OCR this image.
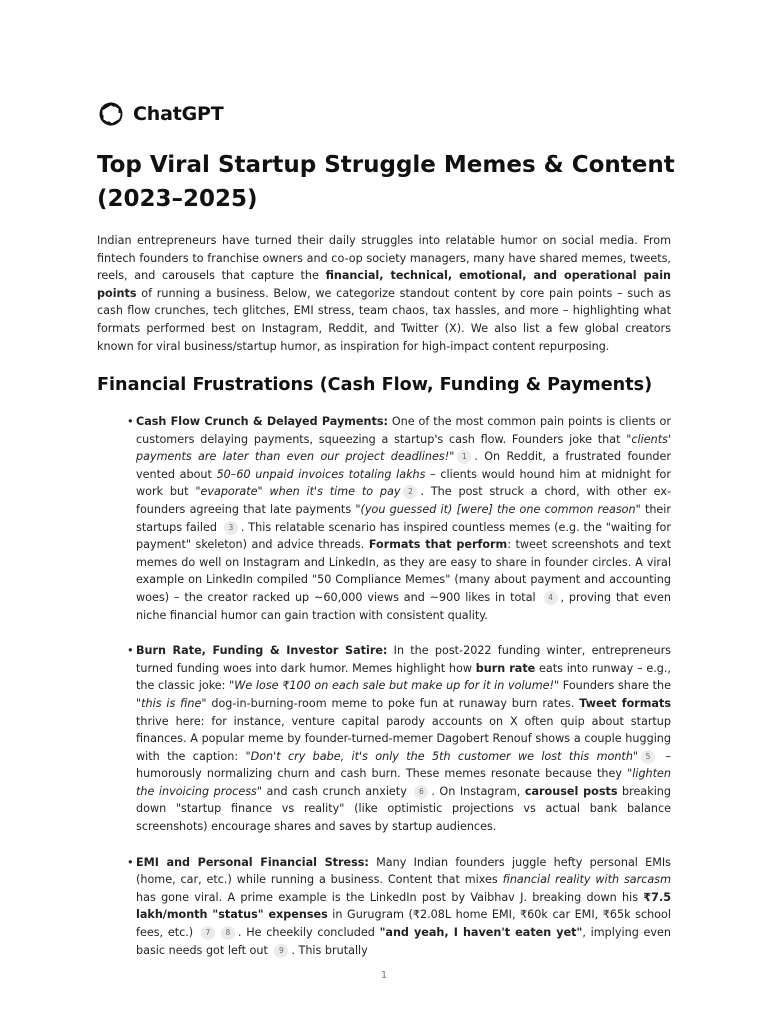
ChatGPT
Top Viral Startup Struggle Memes & Content (2023–2025)

Indian entrepreneurs have turned their daily struggles into relatable humor on social media. From fintech founders to franchise owners and co-op society managers, many have shared memes, tweets, reels, and carousels that capture the financial, technical, emotional, and operational pain points of running a business. Below, we categorize standout content by core pain points – such as cash flow crunches, tech glitches, EMI stress, team chaos, tax hassles, and more – highlighting what formats performed best on Instagram, Reddit, and Twitter (X). We also list a few global creators known for viral business/startup humor, as inspiration for high-impact content repurposing.

Financial Frustrations (Cash Flow, Funding & Payments)
• Cash Flow Crunch & Delayed Payments: One of the most common pain points is clients or customers delaying payments, squeezing a startup's cash flow. Founders joke that "clients' payments are later than even our project deadlines!" 1 . On Reddit, a frustrated founder vented about 50–60 unpaid invoices totaling lakhs – clients would hound him at midnight for work but "evaporate" when it's time to pay 2 . The post struck a chord, with other ex-founders agreeing that late payments "(you guessed it) [were] the one common reason" their startups failed 3 . This relatable scenario has inspired countless memes (e.g. the "waiting for payment" skeleton) and advice threads. Formats that perform: tweet screenshots and text memes do well on Instagram and LinkedIn, as they are easy to share in founder circles. A viral example on LinkedIn compiled "50 Compliance Memes" (many about payment and accounting woes) – the creator racked up ~60,000 views and ~900 likes in total 4 , proving that even niche financial humor can gain traction with consistent quality.
• Burn Rate, Funding & Investor Satire: In the post-2022 funding winter, entrepreneurs turned funding woes into dark humor. Memes highlight how burn rate eats into runway – e.g., the classic joke: "We lose ₹100 on each sale but make up for it in volume!" Founders share the "this is fine" dog-in-burning-room meme to poke fun at runaway burn rates. Tweet formats thrive here: for instance, venture capital parody accounts on X often quip about startup finances. A popular meme by founder-turned-memer Dagobert Renouf shows a couple hugging with the caption: "Don't cry babe, it's only the 5th customer we lost this month" 5 – humorously normalizing churn and cash burn. These memes resonate because they "lighten the invoicing process" and cash crunch anxiety 6 . On Instagram, carousel posts breaking down "startup finance vs reality" (like optimistic projections vs actual bank balance screenshots) encourage shares and saves by startup audiences.
• EMI and Personal Financial Stress: Many Indian founders juggle hefty personal EMIs (home, car, etc.) while running a business. Content that mixes financial reality with sarcasm has gone viral. A prime example is the LinkedIn post by Vaibhav J. breaking down his ₹7.5 lakh/month "status" expenses in Gurugram (₹2.08L home EMI, ₹60k car EMI, ₹65k school fees, etc.) 7 8 . He cheekily concluded "and yeah, I haven't eaten yet", implying even basic needs got left out 9 . This brutally
1
